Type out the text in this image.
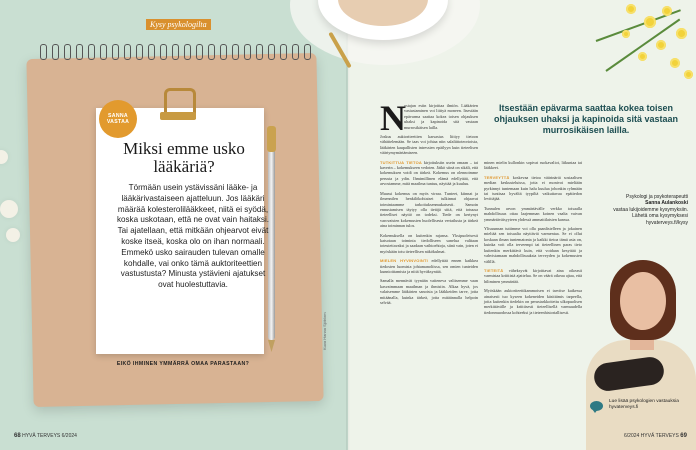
Kysy psykologilta
SANNA
VASTAA
Miksi emme usko lääkäriä?
Törmään usein ystävissäni lääke- ja lääkärivastaiseen ajatteluun. Jos lääkäri määrää kolesterolilääkkeet, niitä ei syödä, koska uskotaan, että ne ovat vain haitaksi. Tai ajatellaan, että mitkään ohjearvot eivät koske itseä, koska olo on ihan normaali. Emmekö usko sairauden tulevan omalle kohdalle, vai onko tämä auktoriteettien vastustusta? Minusta ystävieni ajatukset ovat huolestuttavia.
EIKÖ IHMINEN YMMÄRRÄ OMAA PARASTAAN?
Kuva Hanna Sjöblom
68 HYVÄ TERVEYS 6/2024
N

ostajan esiin kirjoittaa ilmiön. Lääkärien vastustaminen voi liittyä moneen. Itsestään epävarma saattaa kokea toisen ohjauksen uhaksi ja kapinoida sitä vastaan murrosikäisen lailla.

Joskus auktoriteettien karsastus liittyy tietoon vähättelemään. Se taas voi johtaa niin salaliittoteorioista, lääkärien kaupallisten intressien epäilyyn kuin tieteelisen väärtymymärtämiseen.

TUTKITTUA TIETOA kirjoituksiin usein omaan – tai kaverin – kokemukseen vedoten. Jäikö siinä on sikäli, että kokemuksen voidi on tärkeä. Kokemus on olennoimme perusta ja ydin. Ihmimillinen elämä edellyttää, että arvostamme, mitä maailma tuntuu, näyttää ja kuuluu.

Muussi kokemus on myös virraa. Tunteet, kiinnat ja ilmennilen henkilökohtaiset tulkinnat ohjaavat toimintaamme tarkoituksenmukaisesti. Samoin ennustamisen täytyy olla tietäjä siitä, että totuusa tieteelliset näyttö on todeksi. Tiede on kertynyt varovaisten kokemusten huolellisesta vertailusta ja tärkeä aina toiminnan tulos.

Kokemuksella on kuitenkin rajansa. Yksipuoleisesti katsotaan toiminta tiedolliseen sanelua valitaan toteutettavaksi ja saadaan vaihtoehtoja, siinä vain, joten ei myöskään totu tieteellisen näkökulmat.

MIELEN HYVINVOINTI edellyttää ennen kaikkea tiedosten luomista johtamanoliissa, sen omien tunteiden kunnioittamista ja niitä hyväksyntää.

Samalla mennävät tyynään vaiteneva valitsemme vaan kasvaimmaan maailman ja ihmisiin. Alkaa hyvä, jos valaisemme lääkärien sanoista ja lääkkeiden tarve, jotta mitäänalla, kuinka tärkeä, jotta mitäännalla helpoin selvää.

Itsestään epävarma saattaa kokea toisen ohjauksen uhaksi ja kapinoida sitä vastaan murrosikäisen lailla.

minen mielin kullonkin sopivat ruokavaliot, liikuntaa tai lääkkeet.

TERVEYTTÄ koskevaa tietoa väärinärtä sosiaalisen median keskusteluissa, jotta ei monivoi mieliään pyrkinnyt tuntemaan kuin halu kuulua johonkin ryhmään tai tuntisaa hyvältä tyypiltä vaikuttavaa epätiedon levittäjää.

Tunnulen arvon ymmärtävälle verkko toisaalla mahdollisuus ottaa laajemman koinen vaalta vaivan ymmärtäväisyyteen yhdessä ammattilaisten kanssa.

Ylisuunnan tuttimme voi olla paanlistelleen ja jokainen mieltää sen toisaalta näyttäviä varmentaa. Se ei ollut koskaan ilman tuntematonta ja kaikki tietoa tämä asia on, kuinka voit olla terveempi tai tieteellinen paras tieto kuitenkin merkittävä kuin, että voidaan kesyttää ja vahvistamaan mahdollisuuksia terveyden ja kokemusten välillä.

TIETEITÄ väheksyvät kirjoittavat aina oikeasti varmistaa kriittistä ajattelua. Se on väärä oikeaa ajtaa, että hiliminen ymmärtää.

Myöskään auktoriteettikammoisen ei tarvitse kaikessa ainaisesti tuo kyseen kokeneiden käsittämis tarpeella, joita kuitenkin tiedekin on perustarkkoitettu ulkopuolisen merkittävälle ja kriittisesti tieteellisellä varmuudella tiedonmuodossa kohteeksi ja tieteenhistoriallisesti.

Psykologi ja psykoterapeutti
Sanna Aulankoski
vastaa lukijoidemme kysymyksiin. Lähetä oma kysymyksesi hyvaterveys.fi/kysy
Lue lisää psykologien vastauksia hyvaterveys.fi
6/2024 HYVÄ TERVEYS 69
